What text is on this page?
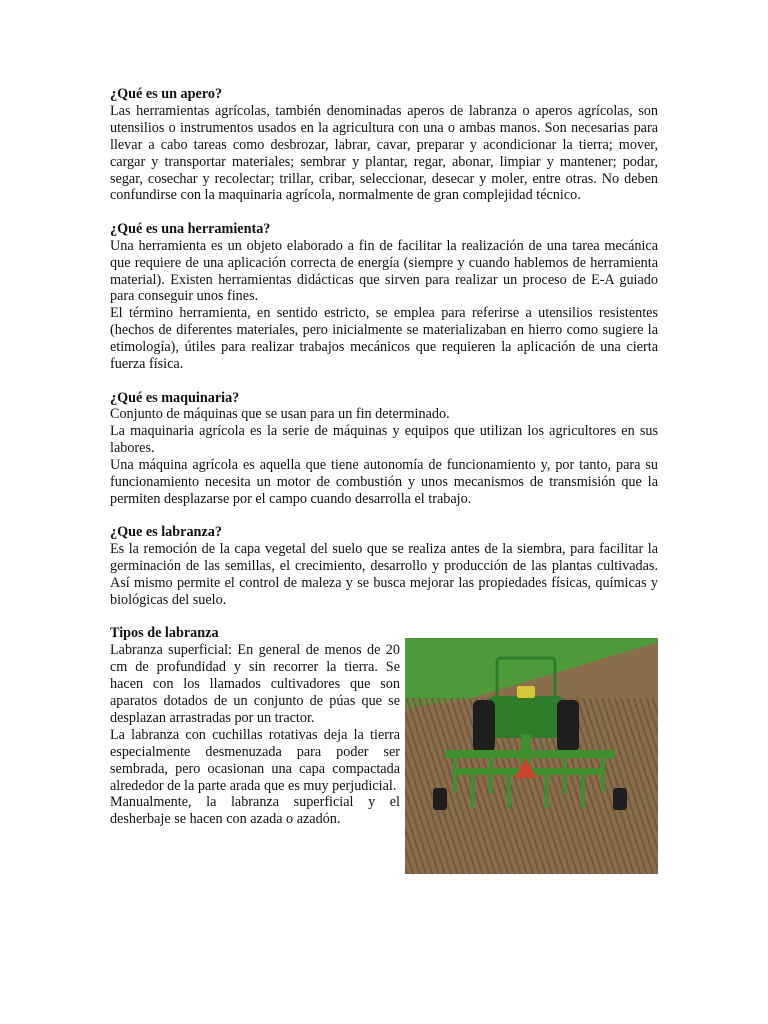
¿Qué es un apero?

Las herramientas agrícolas, también denominadas aperos de labranza o aperos agrícolas, son utensilios o instrumentos usados en la agricultura con una o ambas manos. Son necesarias para llevar a cabo tareas como desbrozar, labrar, cavar, preparar y acondicionar la tierra; mover, cargar y transportar materiales; sembrar y plantar, regar, abonar, limpiar y mantener; podar, segar, cosechar y recolectar; trillar, cribar, seleccionar, desecar y moler, entre otras. No deben confundirse con la maquinaria agrícola, normalmente de gran complejidad técnico.

¿Qué es una herramienta?

Una herramienta es un objeto elaborado a fin de facilitar la realización de una tarea mecánica que requiere de una aplicación correcta de energía (siempre y cuando hablemos de herramienta material). Existen herramientas didácticas que sirven para realizar un proceso de E-A guiado para conseguir unos fines.

El término herramienta, en sentido estricto, se emplea para referirse a utensilios resistentes (hechos de diferentes materiales, pero inicialmente se materializaban en hierro como sugiere la etimología), útiles para realizar trabajos mecánicos que requieren la aplicación de una cierta fuerza física.

¿Qué es maquinaria?

Conjunto de máquinas que se usan para un fin determinado.

La maquinaria agrícola es la serie de máquinas y equipos que utilizan los agricultores en sus labores.

Una máquina agrícola es aquella que tiene autonomía de funcionamiento y, por tanto, para su funcionamiento necesita un motor de combustión y unos mecanismos de transmisión que la permiten desplazarse por el campo cuando desarrolla el trabajo.

¿Que es labranza?

Es la remoción de la capa vegetal del suelo que se realiza antes de la siembra, para facilitar la germinación de las semillas, el crecimiento, desarrollo y producción de las plantas cultivadas. Así mismo permite el control de maleza y se busca mejorar las propiedades físicas, químicas y biológicas del suelo.

Tipos de labranza

Labranza superficial: En general de menos de 20 cm de profundidad y sin recorrer la tierra. Se hacen con los llamados cultivadores que son aparatos dotados de un conjunto de púas que se desplazan arrastradas por un tractor.

La labranza con cuchillas rotativas deja la tierra especialmente desmenuzada para poder ser sembrada, pero ocasionan una capa compactada alrededor de la parte arada que es muy perjudicial.

Manualmente, la labranza superficial y el desherbaje se hacen con azada o azadón.
